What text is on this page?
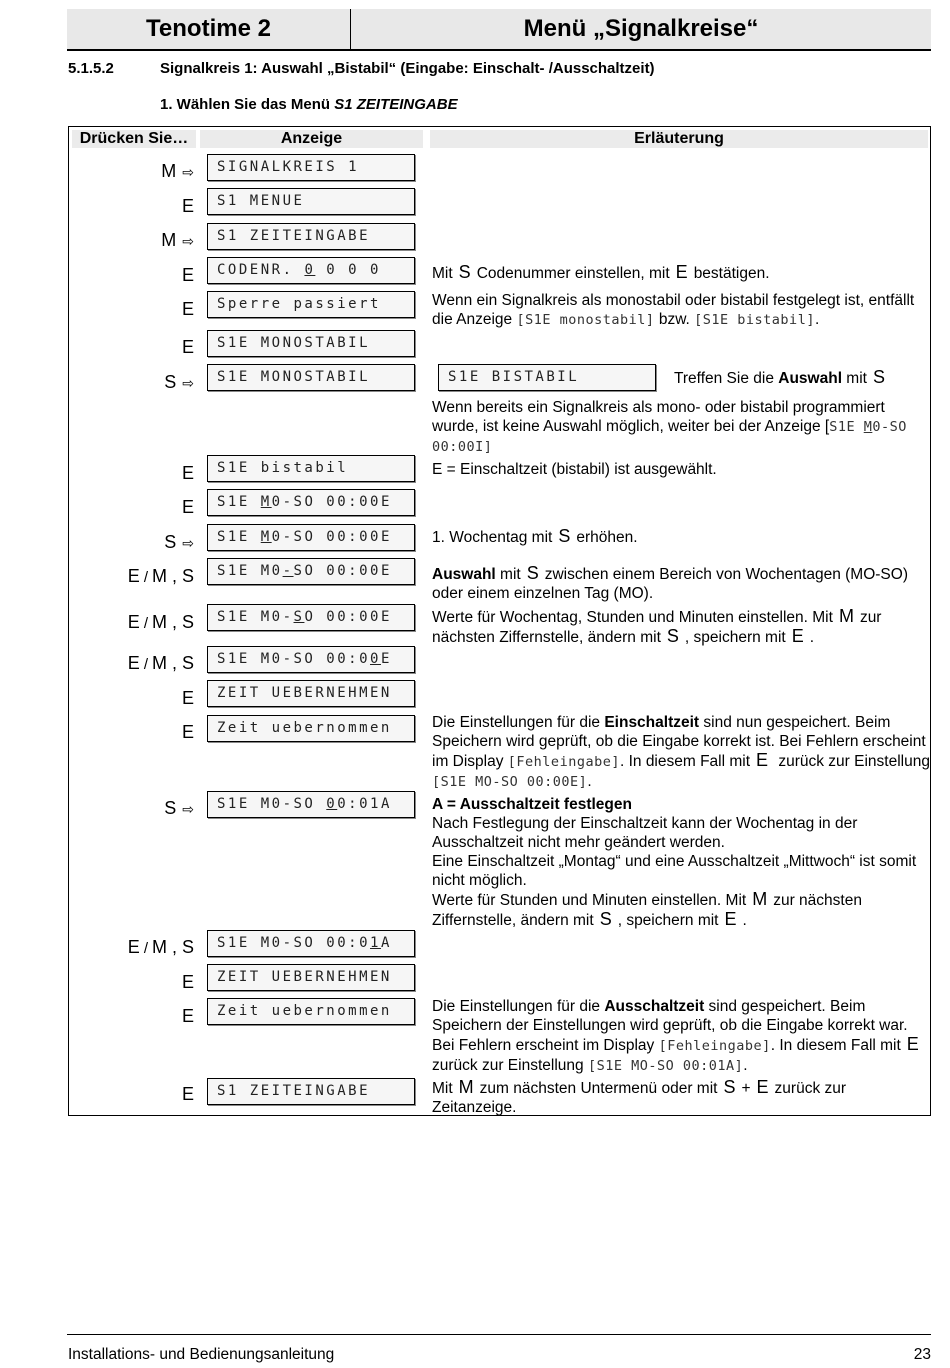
Tenotime 2	Menü „Signalkreise“
5.1.5.2	Signalkreis 1: Auswahl „Bistabil“ (Eingabe: Einschalt- /Ausschaltzeit)
1. Wählen Sie das Menü S1 ZEITEINGABE
Drücken Sie…	Anzeige	Erläuterung
M ⇨	SIGNALKREIS 1
E	S1 MENUE
M ⇨	S1 ZEITEINGABE
E	CODENR. 0 0 0 0	Mit S Codenummer einstellen, mit E bestätigen.
E	Sperre passiert	Wenn ein Signalkreis als monostabil oder bistabil festgelegt ist, entfällt die Anzeige [S1E monostabil] bzw. [S1E bistabil].
E	S1E MONOSTABIL
S ⇨	S1E MONOSTABIL	S1E BISTABIL	Treffen Sie die Auswahl mit S
Wenn bereits ein Signalkreis als mono- oder bistabil programmiert wurde, ist keine Auswahl möglich, weiter bei der Anzeige [S1E M0-SO 00:00I]
E	S1E bistabil	E = Einschaltzeit (bistabil) ist ausgewählt.
E	S1E M0-SO 00:00E
S ⇨	S1E M0-SO 00:00E	1. Wochentag mit S erhöhen.
E / M , S	S1E M0-SO 00:00E	Auswahl mit S zwischen einem Bereich von Wochentagen (MO-SO) oder einem einzelnen Tag (MO).
E / M , S	S1E M0-SO 00:00E	Werte für Wochentag, Stunden und Minuten einstellen. Mit M zur nächsten Ziffernstelle, ändern mit S , speichern mit E .
E / M , S	S1E M0-SO 00:00E
E	ZEIT UEBERNEHMEN
E	Zeit uebernommen	Die Einstellungen für die Einschaltzeit sind nun gespeichert. Beim Speichern wird geprüft, ob die Eingabe korrekt ist. Bei Fehlern erscheint im Display [Fehleingabe]. In diesem Fall mit E zurück zur Einstellung [S1E MO-SO 00:00E].
S ⇨	S1E M0-SO 00:01A	A = Ausschaltzeit festlegen
Nach Festlegung der Einschaltzeit kann der Wochentag in der Ausschaltzeit nicht mehr geändert werden.
Eine Einschaltzeit „Montag“ und eine Ausschaltzeit „Mittwoch“ ist somit nicht möglich.
Werte für Stunden und Minuten einstellen. Mit M zur nächsten Ziffernstelle, ändern mit S , speichern mit E .
E / M , S	S1E M0-SO 00:01A
E	ZEIT UEBERNEHMEN
E	Zeit uebernommen	Die Einstellungen für die Ausschaltzeit sind gespeichert. Beim Speichern der Einstellungen wird geprüft, ob die Eingabe korrekt war. Bei Fehlern erscheint im Display [Fehleingabe]. In diesem Fall mit E zurück zur Einstellung [S1E MO-SO 00:01A].
E	S1 ZEITEINGABE	Mit M zum nächsten Untermenü oder mit S + E zurück zur Zeitanzeige.
Installations- und Bedienungsanleitung	23
